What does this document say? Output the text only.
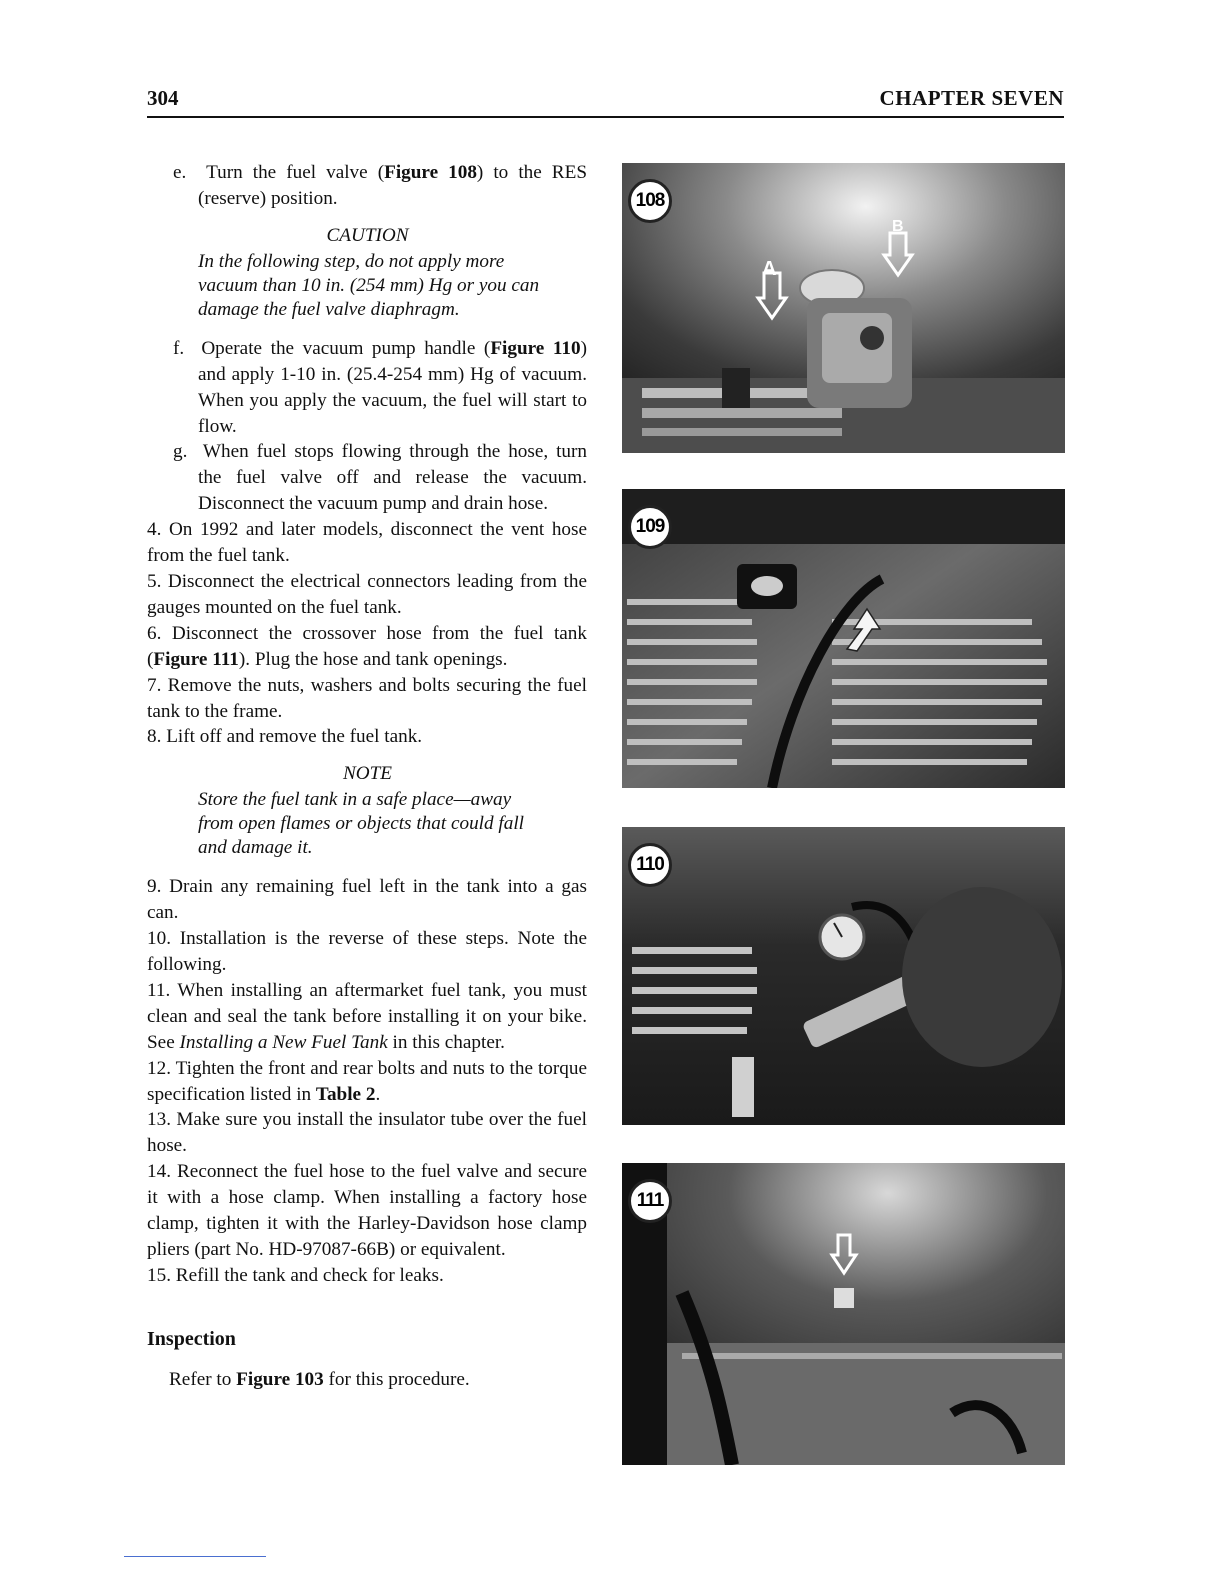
304	CHAPTER SEVEN

e. Turn the fuel valve (Figure 108) to the RES (reserve) position.

CAUTION
In the following step, do not apply more vacuum than 10 in. (254 mm) Hg or you can damage the fuel valve diaphragm.

f. Operate the vacuum pump handle (Figure 110) and apply 1-10 in. (25.4-254 mm) Hg of vacuum. When you apply the vacuum, the fuel will start to flow.

g. When fuel stops flowing through the hose, turn the fuel valve off and release the vacuum. Disconnect the vacuum pump and drain hose.

4. On 1992 and later models, disconnect the vent hose from the fuel tank.

5. Disconnect the electrical connectors leading from the gauges mounted on the fuel tank.

6. Disconnect the crossover hose from the fuel tank (Figure 111). Plug the hose and tank openings.

7. Remove the nuts, washers and bolts securing the fuel tank to the frame.

8. Lift off and remove the fuel tank.

NOTE
Store the fuel tank in a safe place—away from open flames or objects that could fall and damage it.

9. Drain any remaining fuel left in the tank into a gas can.

10. Installation is the reverse of these steps. Note the following.

11. When installing an aftermarket fuel tank, you must clean and seal the tank before installing it on your bike. See Installing a New Fuel Tank in this chapter.

12. Tighten the front and rear bolts and nuts to the torque specification listed in Table 2.

13. Make sure you install the insulator tube over the fuel hose.

14. Reconnect the fuel hose to the fuel valve and secure it with a hose clamp. When installing a factory hose clamp, tighten it with the Harley-Davidson hose clamp pliers (part No. HD-97087-66B) or equivalent.

15. Refill the tank and check for leaks.

Inspection

Refer to Figure 103 for this procedure.

108
A
B
109
110
111
